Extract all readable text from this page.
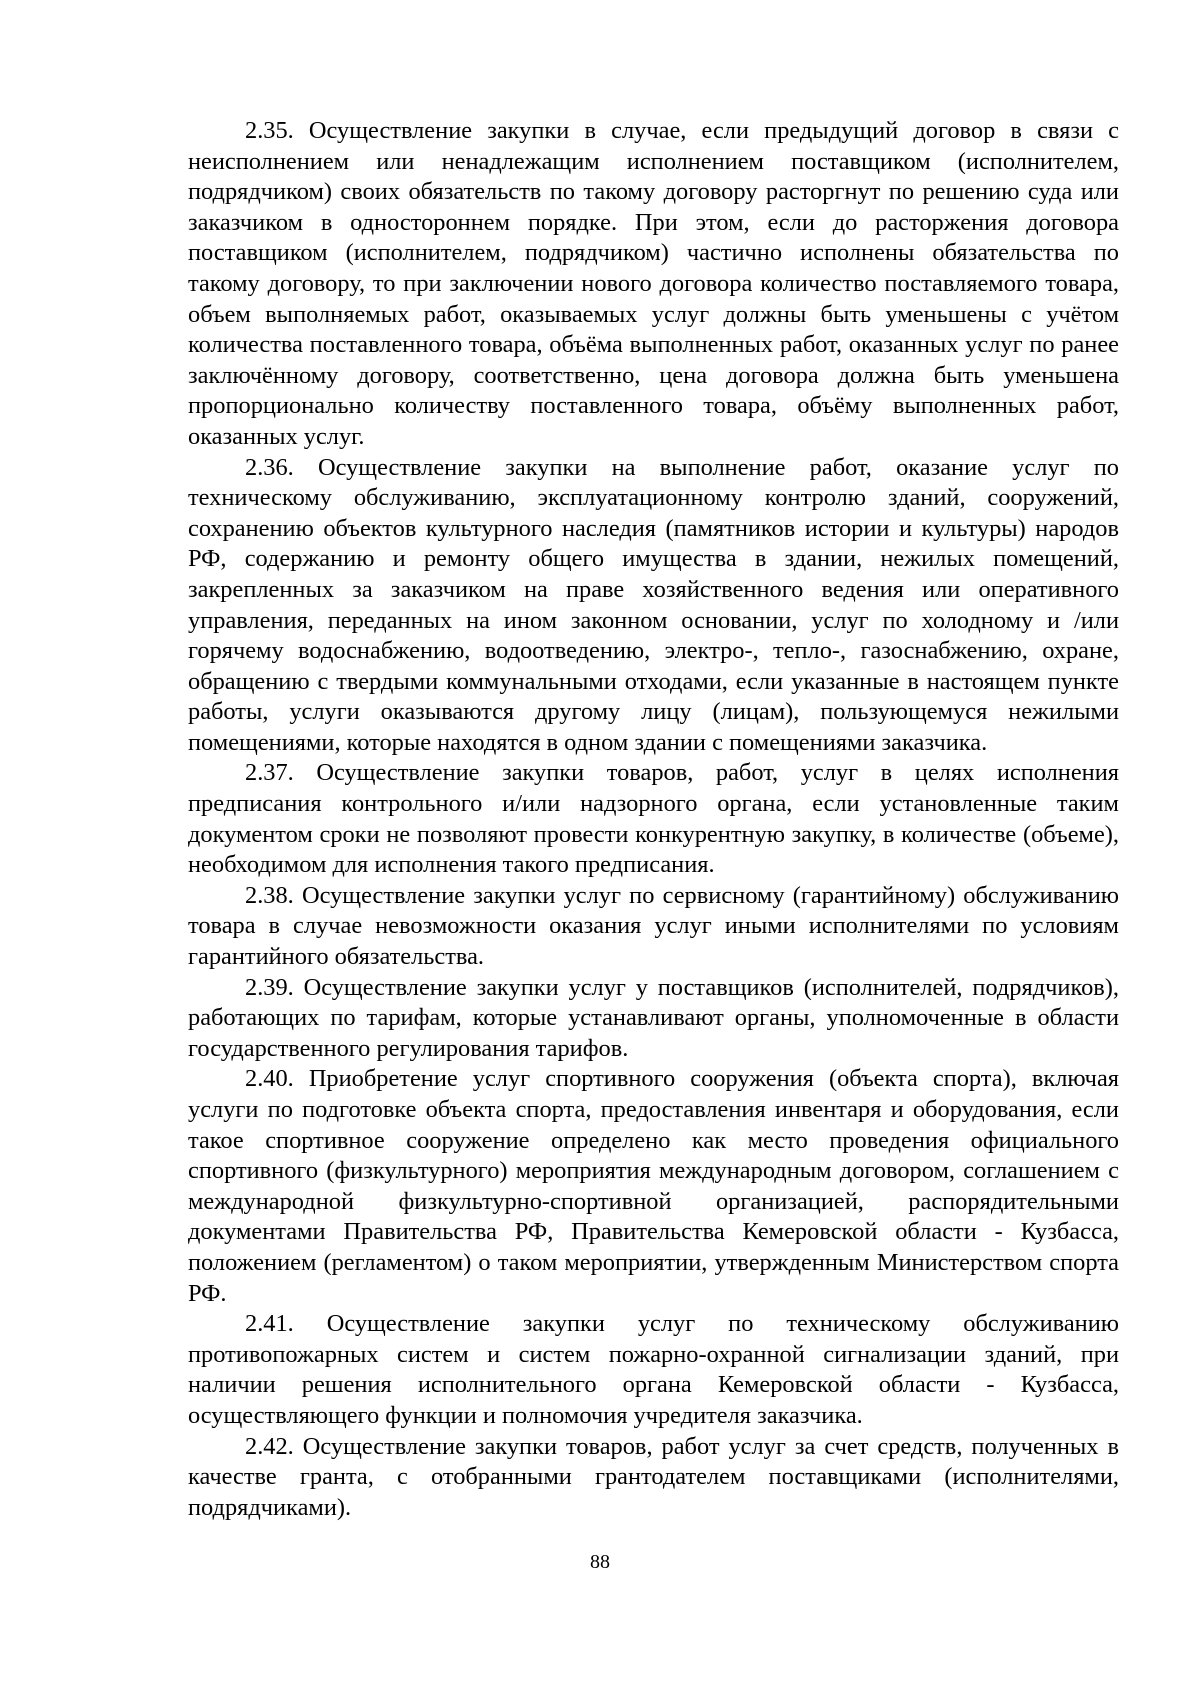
2.35. Осуществление закупки в случае, если предыдущий договор в связи с неисполнением или ненадлежащим исполнением поставщиком (исполнителем, подрядчиком) своих обязательств по такому договору расторгнут по решению суда или заказчиком в одностороннем порядке. При этом, если до расторжения договора поставщиком (исполнителем, подрядчиком) частично исполнены обязательства по такому договору, то при заключении нового договора количество поставляемого товара, объем выполняемых работ, оказываемых услуг должны быть уменьшены с учётом количества поставленного товара, объёма выполненных работ, оказанных услуг по ранее заключённому договору, соответственно, цена договора должна быть уменьшена пропорционально количеству поставленного товара, объёму выполненных работ, оказанных услуг.

2.36. Осуществление закупки на выполнение работ, оказание услуг по техническому обслуживанию, эксплуатационному контролю зданий, сооружений, сохранению объектов культурного наследия (памятников истории и культуры) народов РФ, содержанию и ремонту общего имущества в здании, нежилых помещений, закрепленных за заказчиком на праве хозяйственного ведения или оперативного управления, переданных на ином законном основании, услуг по холодному и /или горячему водоснабжению, водоотведению, электро-, тепло-, газоснабжению, охране, обращению с твердыми коммунальными отходами, если указанные в настоящем пункте работы, услуги оказываются другому лицу (лицам), пользующемуся нежилыми помещениями, которые находятся в одном здании с помещениями заказчика.

2.37. Осуществление закупки товаров, работ, услуг в целях исполнения предписания контрольного и/или надзорного органа, если установленные таким документом сроки не позволяют провести конкурентную закупку, в количестве (объеме), необходимом для исполнения такого предписания.

2.38. Осуществление закупки услуг по сервисному (гарантийному) обслуживанию товара в случае невозможности оказания услуг иными исполнителями по условиям гарантийного обязательства.

2.39. Осуществление закупки услуг у поставщиков (исполнителей, подрядчиков), работающих по тарифам, которые устанавливают органы, уполномоченные в области государственного регулирования тарифов.

2.40. Приобретение услуг спортивного сооружения (объекта спорта), включая услуги по подготовке объекта спорта, предоставления инвентаря и оборудования, если такое спортивное сооружение определено как место проведения официального спортивного (физкультурного) мероприятия международным договором, соглашением с международной физкультурно-спортивной организацией, распорядительными документами Правительства РФ, Правительства Кемеровской области - Кузбасса, положением (регламентом) о таком мероприятии, утвержденным Министерством спорта РФ.

2.41. Осуществление закупки услуг по техническому обслуживанию противопожарных систем и систем пожарно-охранной сигнализации зданий, при наличии решения исполнительного органа Кемеровской области - Кузбасса, осуществляющего функции и полномочия учредителя заказчика.

2.42. Осуществление закупки товаров, работ услуг за счет средств, полученных в качестве гранта, с отобранными грантодателем поставщиками (исполнителями, подрядчиками).

88
